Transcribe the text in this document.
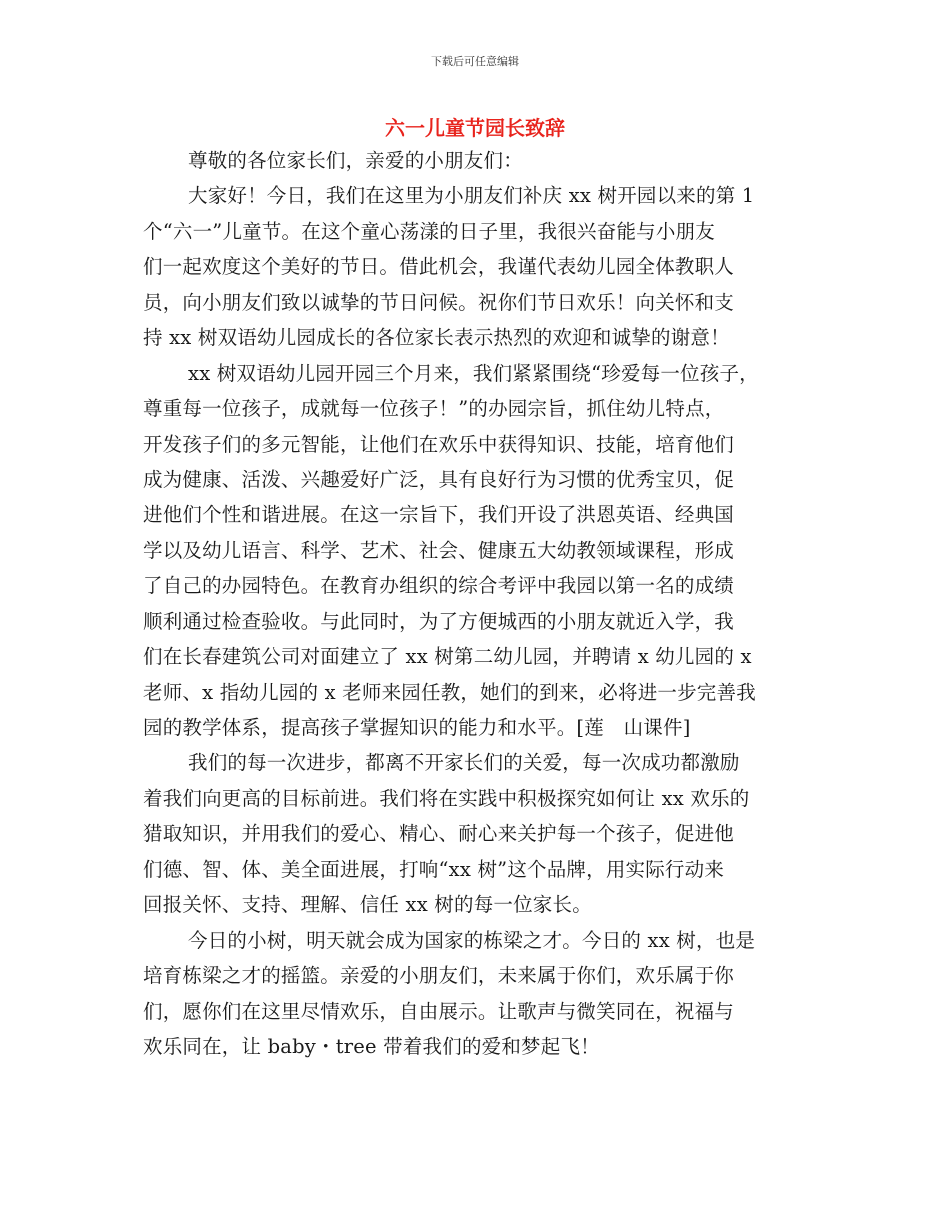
下载后可任意编辑
六一儿童节园长致辞
尊敬的各位家长们，亲爱的小朋友们：
大家好！今日，我们在这里为小朋友们补庆 xx 树开园以来的第 1
个“六一”儿童节。在这个童心荡漾的日子里，我很兴奋能与小朋友
们一起欢度这个美好的节日。借此机会，我谨代表幼儿园全体教职人
员，向小朋友们致以诚挚的节日问候。祝你们节日欢乐！向关怀和支
持 xx 树双语幼儿园成长的各位家长表示热烈的欢迎和诚挚的谢意！
xx 树双语幼儿园开园三个月来，我们紧紧围绕“珍爱每一位孩子，
尊重每一位孩子，成就每一位孩子！”的办园宗旨，抓住幼儿特点，
开发孩子们的多元智能，让他们在欢乐中获得知识、技能，培育他们
成为健康、活泼、兴趣爱好广泛，具有良好行为习惯的优秀宝贝，促
进他们个性和谐进展。在这一宗旨下，我们开设了洪恩英语、经典国
学以及幼儿语言、科学、艺术、社会、健康五大幼教领域课程，形成
了自己的办园特色。在教育办组织的综合考评中我园以第一名的成绩
顺利通过检查验收。与此同时，为了方便城西的小朋友就近入学，我
们在长春建筑公司对面建立了 xx 树第二幼儿园，并聘请 x 幼儿园的 x
老师、x 指幼儿园的 x 老师来园任教，她们的到来，必将进一步完善我
园的教学体系，提高孩子掌握知识的能力和水平。[莲　山课件]
我们的每一次进步，都离不开家长们的关爱，每一次成功都激励
着我们向更高的目标前进。我们将在实践中积极探究如何让 xx 欢乐的
猎取知识，并用我们的爱心、精心、耐心来关护每一个孩子，促进他
们德、智、体、美全面进展，打响“xx 树”这个品牌，用实际行动来
回报关怀、支持、理解、信任 xx 树的每一位家长。
今日的小树，明天就会成为国家的栋梁之才。今日的 xx 树，也是
培育栋梁之才的摇篮。亲爱的小朋友们，未来属于你们，欢乐属于你
们，愿你们在这里尽情欢乐，自由展示。让歌声与微笑同在，祝福与
欢乐同在，让 baby・tree 带着我们的爱和梦起飞！
